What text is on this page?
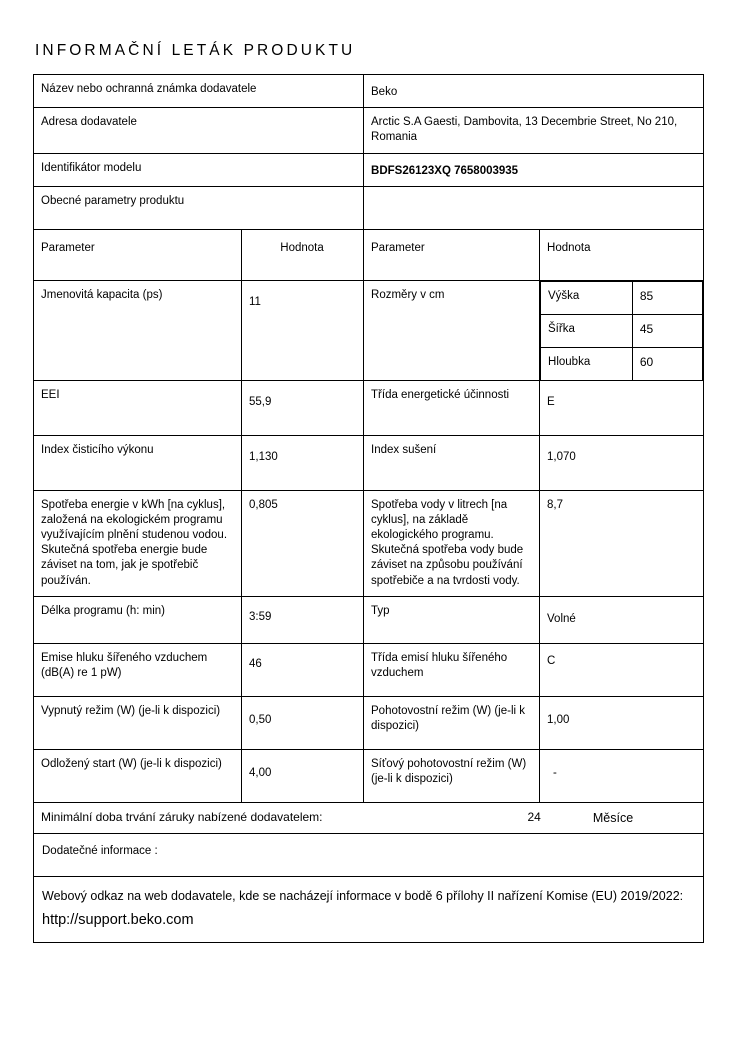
INFORMAČNÍ LETÁK PRODUKTU
Název nebo ochranná známka dodavatele	Beko
Adresa dodavatele	Arctic S.A Gaesti, Dambovita, 13 Decembrie Street, No 210, Romania
Identifikátor modelu	BDFS26123XQ 7658003935
Obecné parametry produktu	
Parameter	Hodnota	Parameter	Hodnota
Jmenovitá kapacita (ps)	11	Rozměry v cm		Výška	85
Šířka	45
Hloubka	60

EEI	55,9	Třída energetické účinnosti	E
Index čisticího výkonu	1,130	Index sušení	1,070
Spotřeba energie v kWh [na cyklus], založená na ekologickém programu využívajícím plnění studenou vodou. Skutečná spotřeba energie bude záviset na tom, jak je spotřebič používán.	0,805	Spotřeba vody v litrech [na cyklus], na základě ekologického programu. Skutečná spotřeba vody bude záviset na způsobu používání spotřebiče a na tvrdosti vody.	8,7
Délka programu (h: min)	3:59	Typ	Volné
Emise hluku šířeného vzduchem (dB(A) re 1 pW)	46	Třída emisí hluku šířeného vzduchem	C
Vypnutý režim (W) (je-li k dispozici)	0,50	Pohotovostní režim (W) (je-li k dispozici)	1,00
Odložený start (W) (je-li k dispozici)	4,00	Síťový pohotovostní režim (W) (je-li k dispozici)	-

Minimální doba trvání záruky nabízené dodavatelem:	24	Měsíce

Dodatečné informace :

Webový odkaz na web dodavatele, kde se nacházejí informace v bodě 6 přílohy II nařízení Komise (EU) 2019/2022:
http://support.beko.com
